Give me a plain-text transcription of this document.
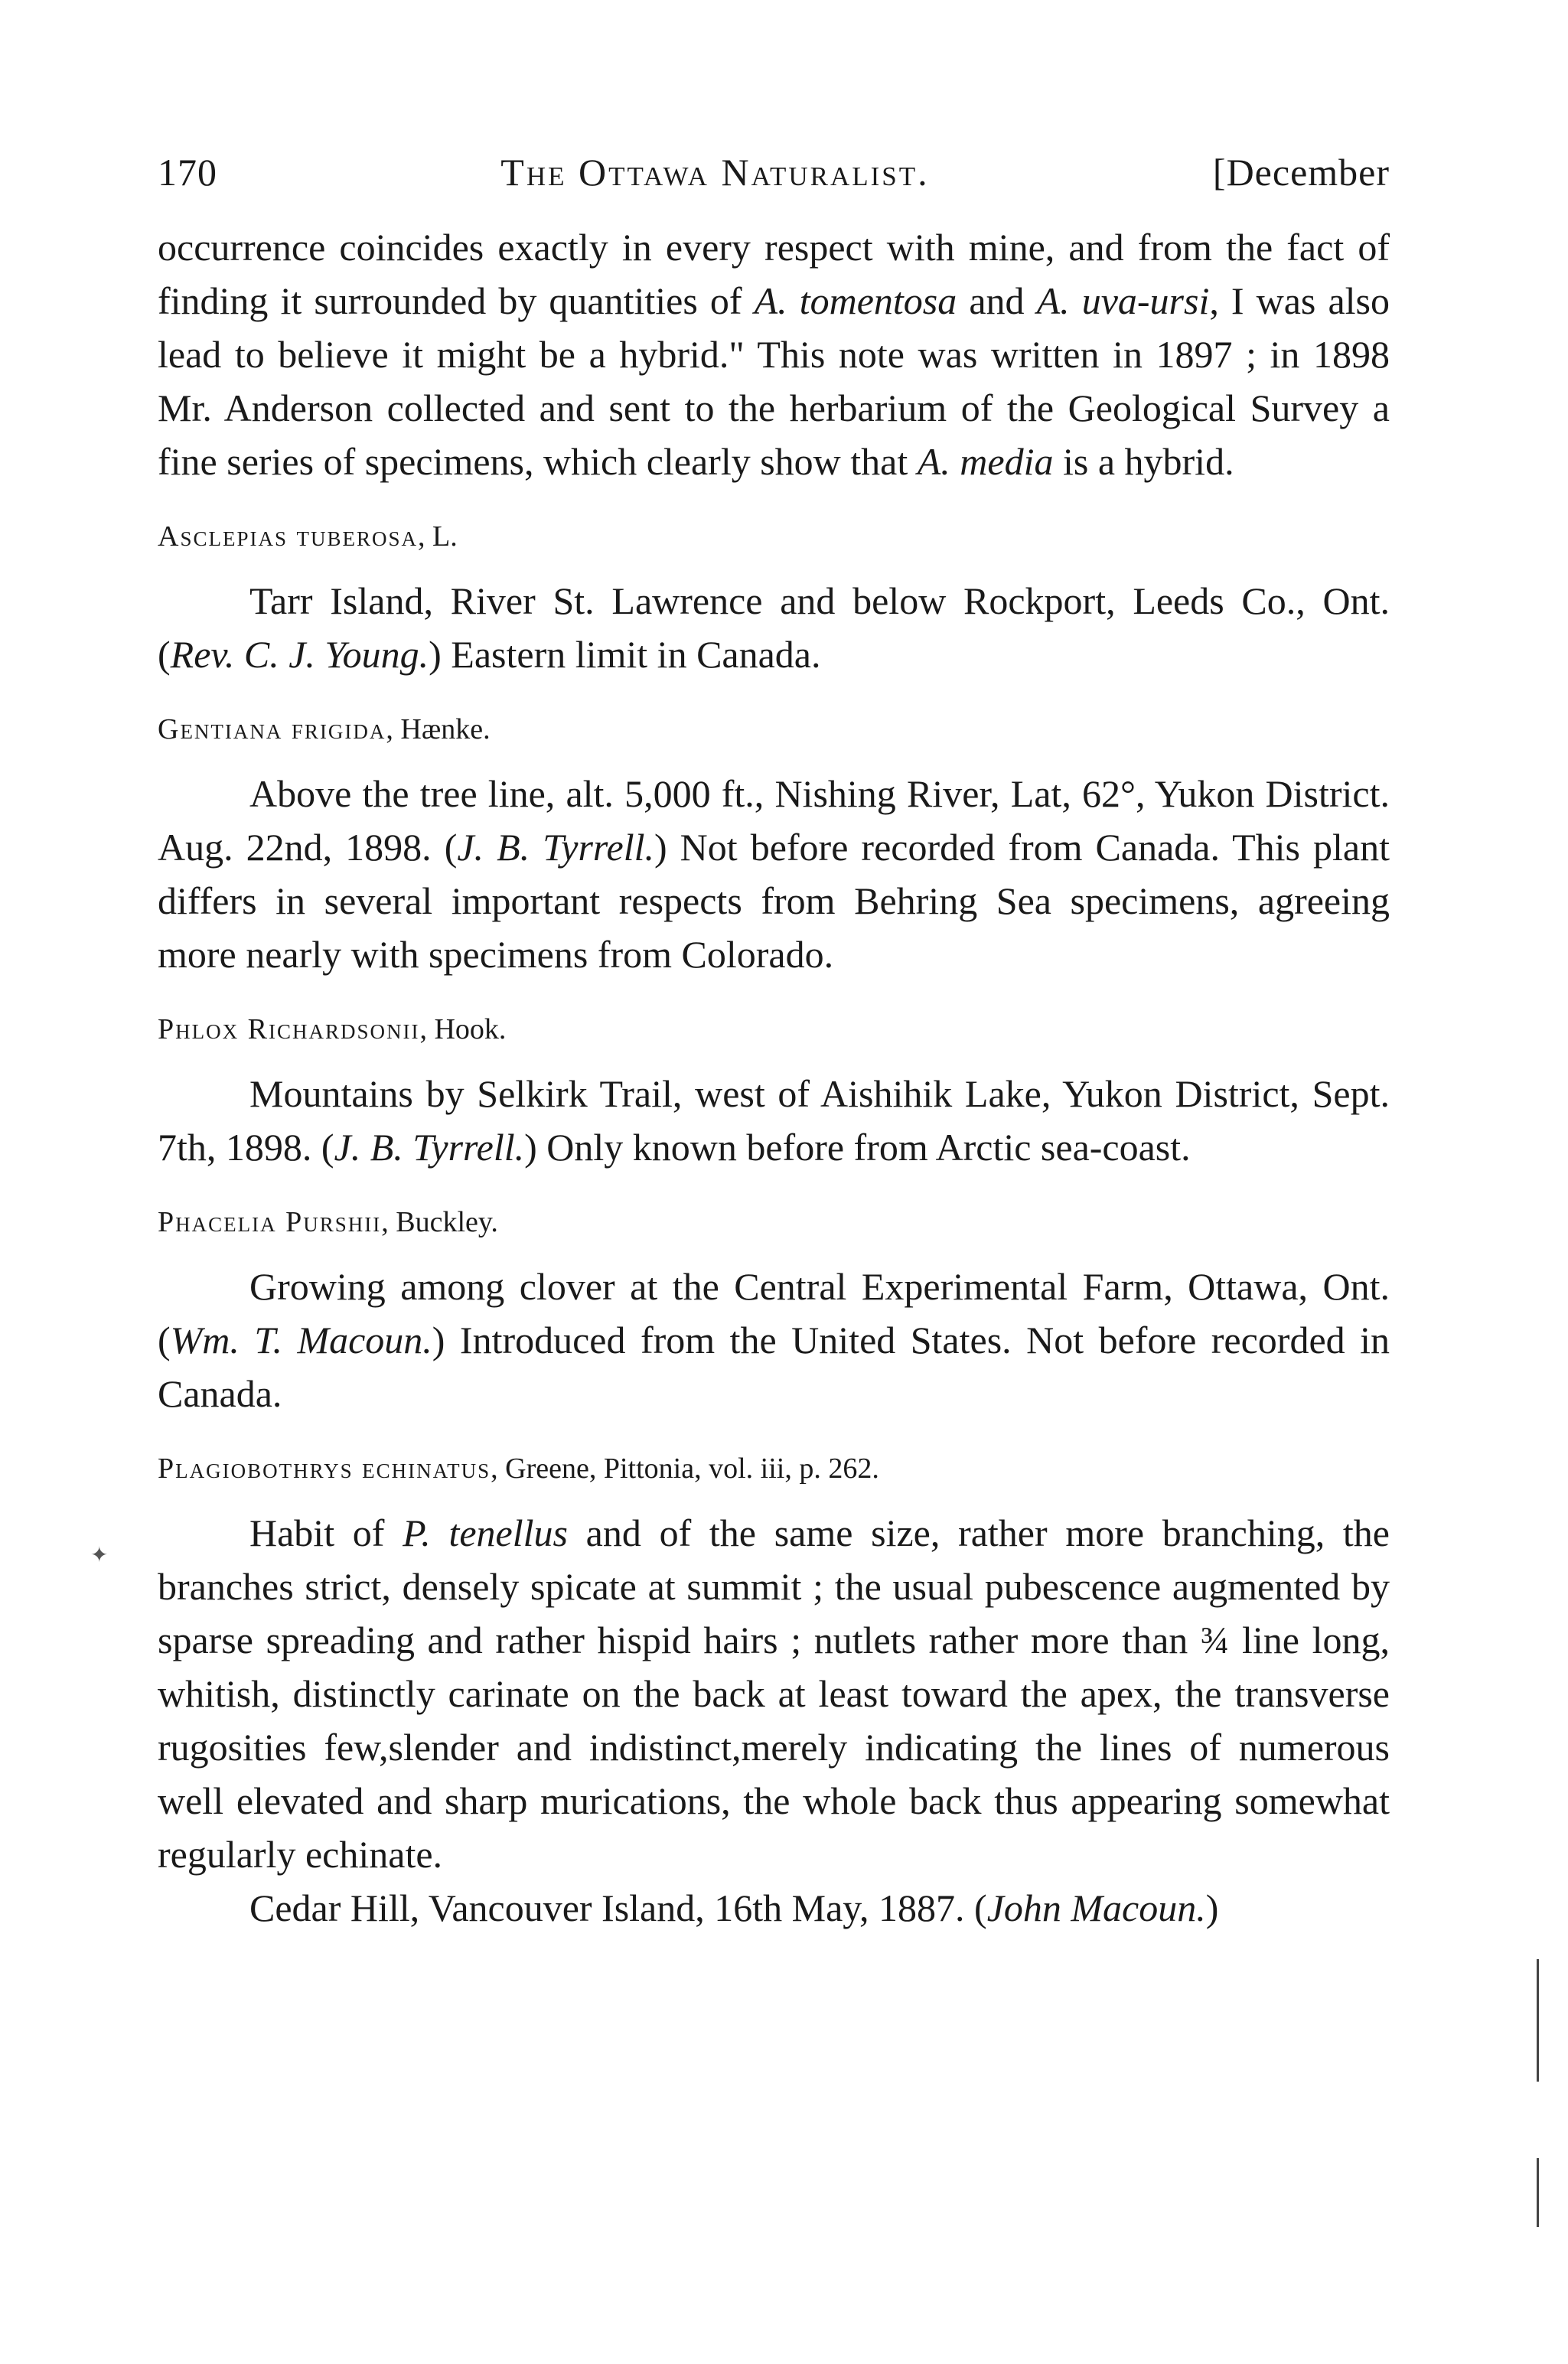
170	The Ottawa Naturalist.	[December

occurrence coincides exactly in every respect with mine, and from the fact of finding it surrounded by quantities of A. tomentosa and A. uva-ursi, I was also lead to believe it might be a hybrid." This note was written in 1897 ; in 1898 Mr. Anderson collected and sent to the herbarium of the Geological Survey a fine series of specimens, which clearly show that A. media is a hybrid.

Asclepias tuberosa, L.

Tarr Island, River St. Lawrence and below Rockport, Leeds Co., Ont. (Rev. C. J. Young.) Eastern limit in Canada.

Gentiana frigida, Hænke.

Above the tree line, alt. 5,000 ft., Nishing River, Lat, 62°, Yukon District. Aug. 22nd, 1898. (J. B. Tyrrell.) Not before recorded from Canada. This plant differs in several important respects from Behring Sea specimens, agreeing more nearly with specimens from Colorado.

Phlox Richardsonii, Hook.

Mountains by Selkirk Trail, west of Aishihik Lake, Yukon District, Sept. 7th, 1898. (J. B. Tyrrell.) Only known before from Arctic sea-coast.

Phacelia Purshii, Buckley.

Growing among clover at the Central Experimental Farm, Ottawa, Ont. (Wm. T. Macoun.) Introduced from the United States. Not before recorded in Canada.

Plagiobothrys echinatus, Greene, Pittonia, vol. iii, p. 262.

Habit of P. tenellus and of the same size, rather more branching, the branches strict, densely spicate at summit ; the usual pubescence augmented by sparse spreading and rather hispid hairs ; nutlets rather more than ¾ line long, whitish, distinctly carinate on the back at least toward the apex, the transverse rugosities few,slender and indistinct,merely indicating the lines of numerous well elevated and sharp murications, the whole back thus appearing somewhat regularly echinate.

Cedar Hill, Vancouver Island, 16th May, 1887. (John Macoun.)

✦
